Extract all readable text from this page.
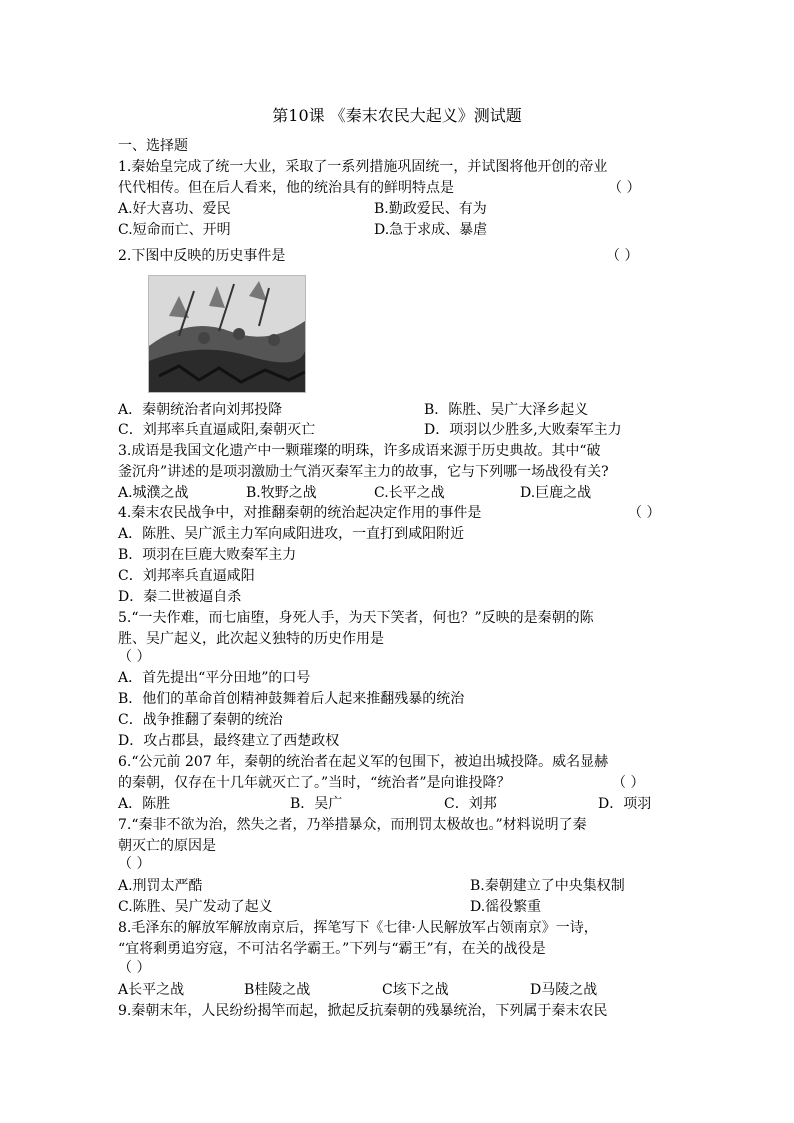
第10课 《秦末农民大起义》测试题
一、选择题
1.秦始皇完成了统一大业，采取了一系列措施巩固统一，并试图将他开创的帝业
代代相传。但在后人看来，他的统治具有的鲜明特点是	（ ）
A.好大喜功、爱民	B.勤政爱民、有为
C.短命而亡、开明	D.急于求成、暴虐
2.下图中反映的历史事件是	（ ）
A．秦朝统治者向刘邦投降	B．陈胜、吴广大泽乡起义
C．刘邦率兵直逼咸阳,秦朝灭亡	D．项羽以少胜多,大败秦军主力
3.成语是我国文化遗产中一颗璀璨的明珠，许多成语来源于历史典故。其中“破
釜沉舟”讲述的是项羽激励士气消灭秦军主力的故事，它与下列哪一场战役有关?
A.城濮之战	B.牧野之战	C.长平之战	D.巨鹿之战
4.秦末农民战争中，对推翻秦朝的统治起决定作用的事件是	（ ）
A．陈胜、吴广派主力军向咸阳进攻，一直打到咸阳附近
B．项羽在巨鹿大败秦军主力
C．刘邦率兵直逼咸阳
D．秦二世被逼自杀
5.“一夫作难，而七庙堕，身死人手，为天下笑者，何也？”反映的是秦朝的陈
胜、吴广起义，此次起义独特的历史作用是
（ ）
A．首先提出“平分田地”的口号
B．他们的革命首创精神鼓舞着后人起来推翻残暴的统治
C．战争推翻了秦朝的统治
D．攻占郡县，最终建立了西楚政权
6.“公元前 207 年，秦朝的统治者在起义军的包围下，被迫出城投降。威名显赫
的秦朝，仅存在十几年就灭亡了。”当时，“统治者”是向谁投降？	（ ）
A．陈胜	B．吴广	C．刘邦	D．项羽
7.“秦非不欲为治，然失之者，乃举措暴众，而刑罚太极故也。”材料说明了秦
朝灭亡的原因是
（ ）
A.刑罚太严酷	B.秦朝建立了中央集权制
C.陈胜、吴广发动了起义	D.徭役繁重
8.毛泽东的解放军解放南京后，挥笔写下《七律·人民解放军占领南京》一诗，
“宜将剩勇追穷寇，不可沽名学霸王。”下列与“霸王”有，在关的战役是
（ ）
A长平之战	B桂陵之战	C垓下之战	D马陵之战
9.秦朝末年，人民纷纷揭竿而起，掀起反抗秦朝的残暴统治，下列属于秦末农民
